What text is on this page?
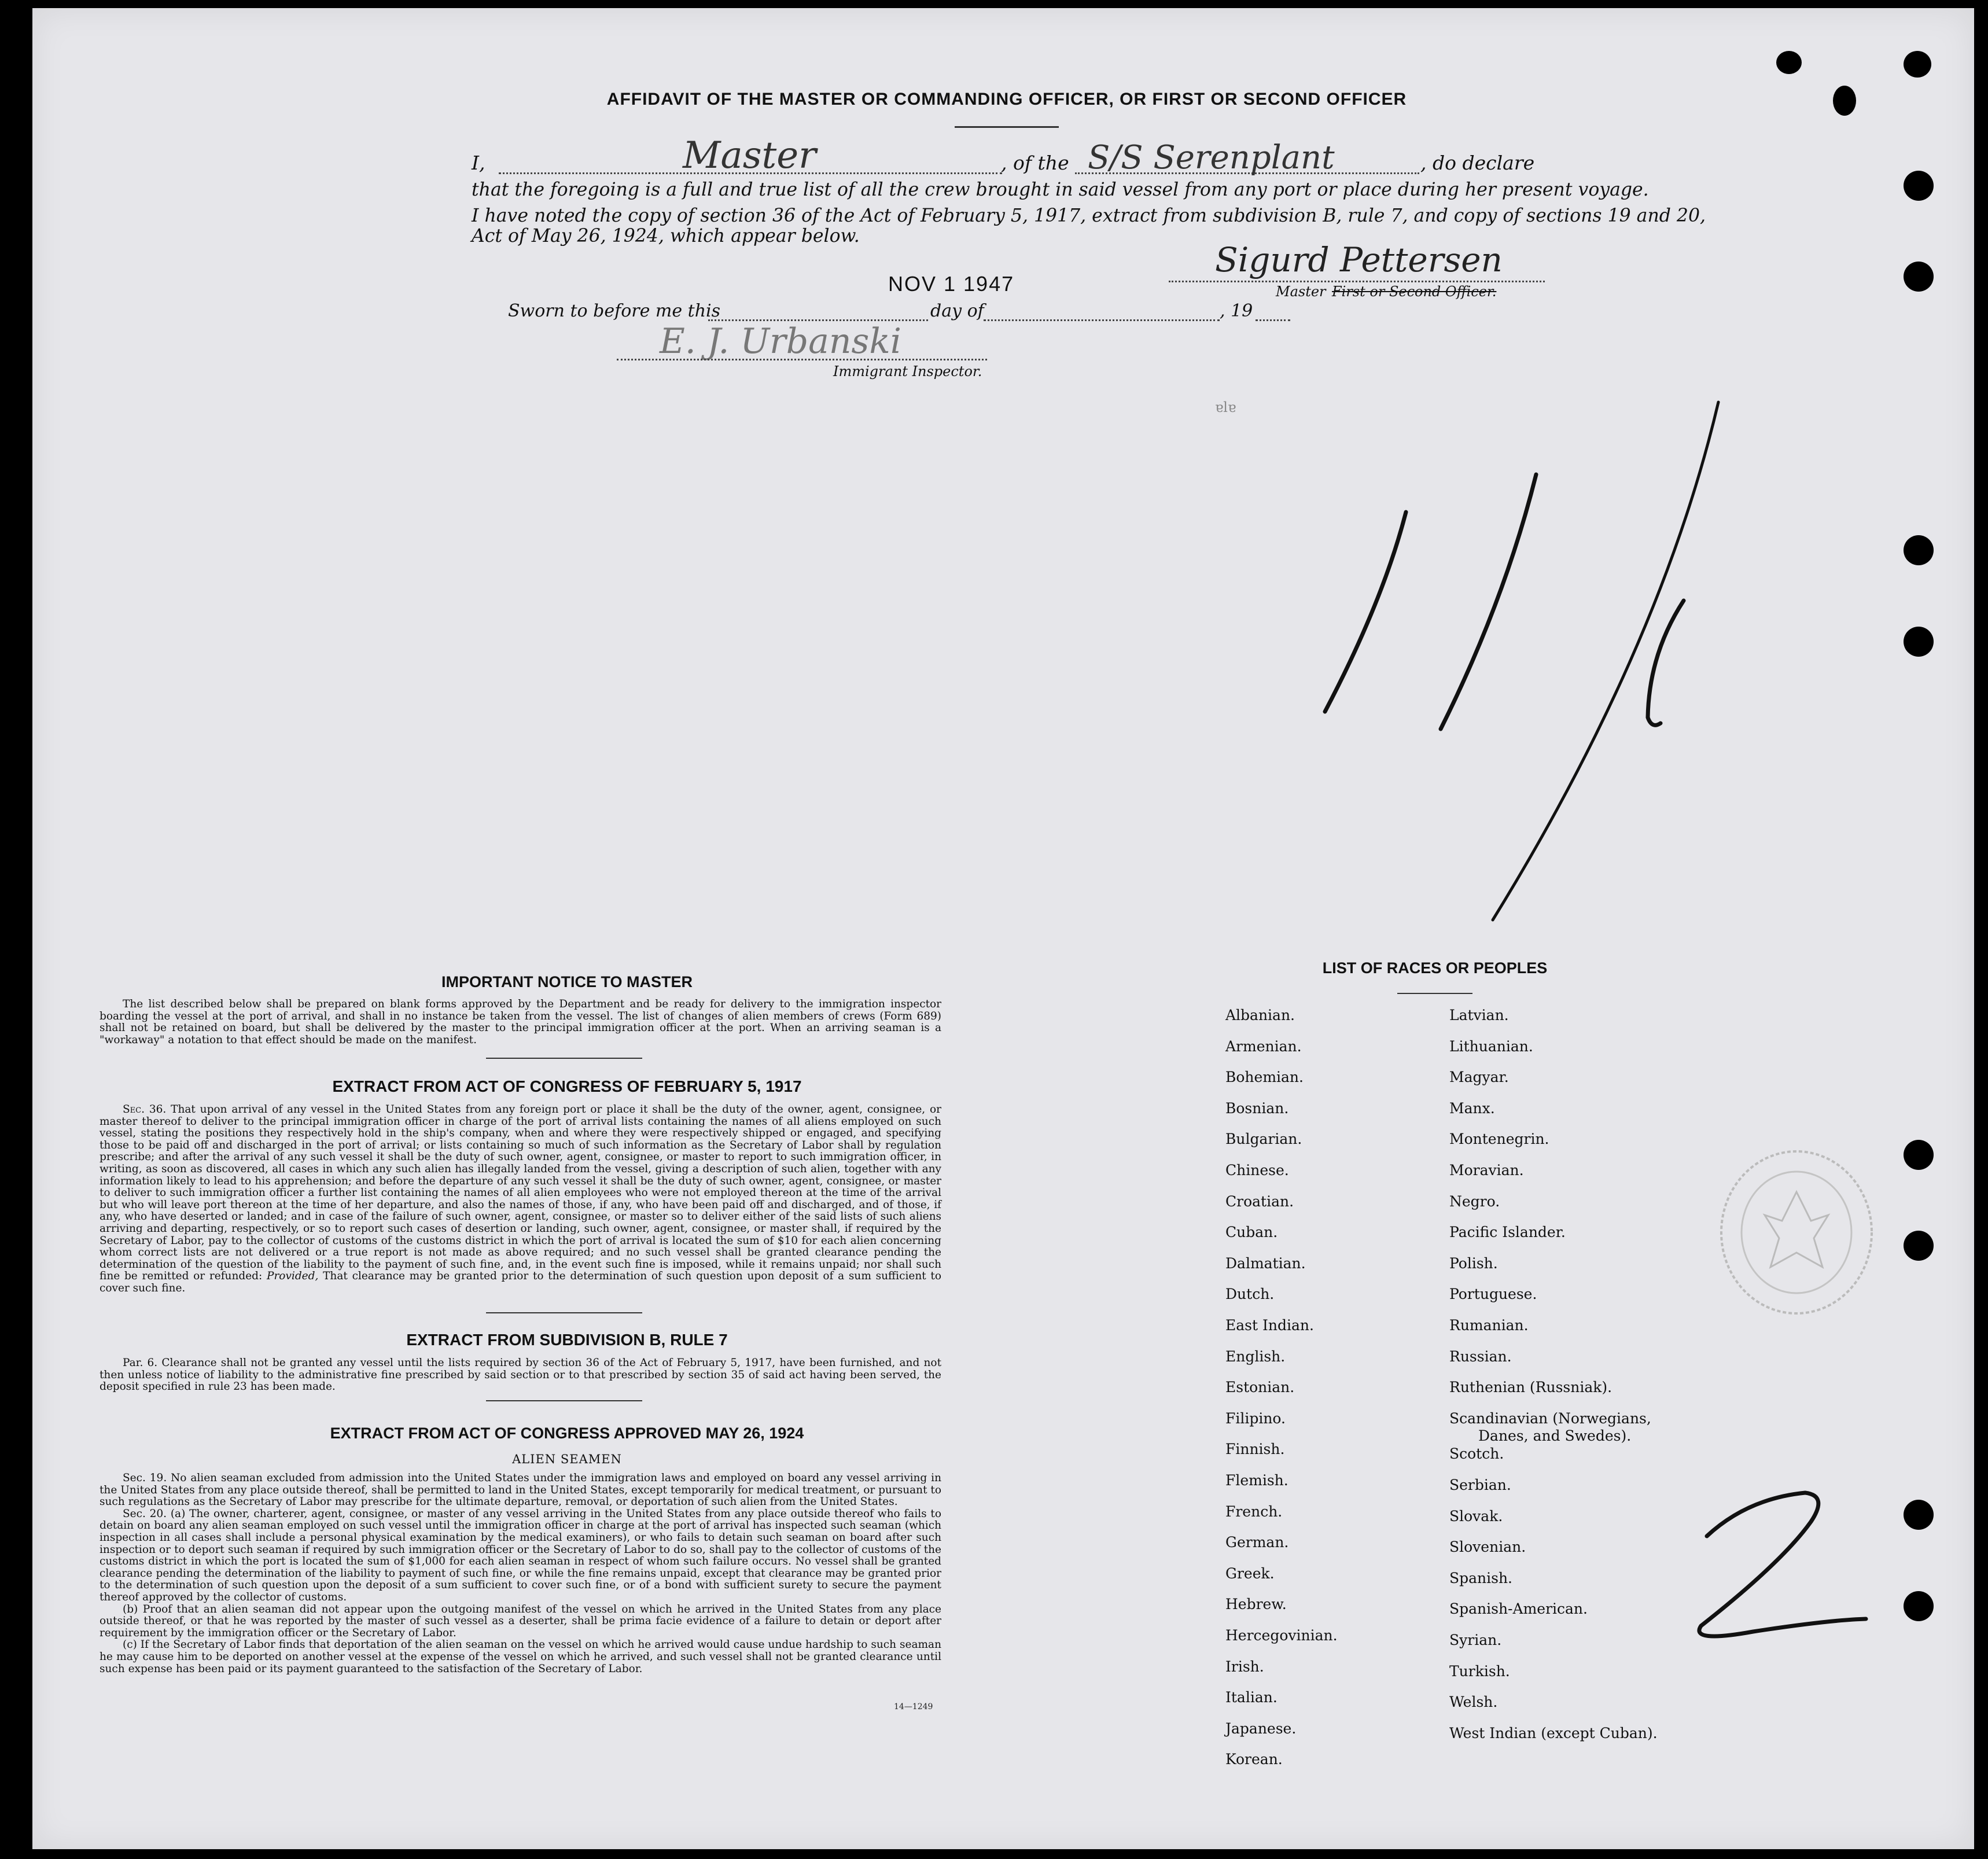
AFFIDAVIT OF THE MASTER OR COMMANDING OFFICER, OR FIRST OR SECOND OFFICER
I,	Master	, of the S/S Serenplant	, do declare
that the foregoing is a full and true list of all the crew brought in said vessel from any port or place during her present voyage.
I have noted the copy of section 36 of the Act of February 5, 1917, extract from subdivision B, rule 7, and copy of sections 19 and 20,
Act of May 26, 1924, which appear below.
Sigurd Pettersen
Master First or Second Officer.
NOV 1 1947
Sworn to before me this	day of	, 19
E. J. Urbanski
Immigrant Inspector.
ɐlɐ
IMPORTANT NOTICE TO MASTER

The list described below shall be prepared on blank forms approved by the Department and be ready for delivery to the immigration inspector boarding the vessel at the port of arrival, and shall in no instance be taken from the vessel. The list of changes of alien members of crews (Form 689) shall not be retained on board, but shall be delivered by the master to the principal immigration officer at the port. When an arriving seaman is a "workaway" a notation to that effect should be made on the manifest.

EXTRACT FROM ACT OF CONGRESS OF FEBRUARY 5, 1917

Sec. 36. That upon arrival of any vessel in the United States from any foreign port or place it shall be the duty of the owner, agent, consignee, or master thereof to deliver to the principal immigration officer in charge of the port of arrival lists containing the names of all aliens employed on such vessel, stating the positions they respectively hold in the ship's company, when and where they were respectively shipped or engaged, and specifying those to be paid off and discharged in the port of arrival; or lists containing so much of such information as the Secretary of Labor shall by regulation prescribe; and after the arrival of any such vessel it shall be the duty of such owner, agent, consignee, or master to report to such immigration officer, in writing, as soon as discovered, all cases in which any such alien has illegally landed from the vessel, giving a description of such alien, together with any information likely to lead to his apprehension; and before the departure of any such vessel it shall be the duty of such owner, agent, consignee, or master to deliver to such immigration officer a further list containing the names of all alien employees who were not employed thereon at the time of the arrival but who will leave port thereon at the time of her departure, and also the names of those, if any, who have been paid off and discharged, and of those, if any, who have deserted or landed; and in case of the failure of such owner, agent, consignee, or master so to deliver either of the said lists of such aliens arriving and departing, respectively, or so to report such cases of desertion or landing, such owner, agent, consignee, or master shall, if required by the Secretary of Labor, pay to the collector of customs of the customs district in which the port of arrival is located the sum of $10 for each alien concerning whom correct lists are not delivered or a true report is not made as above required; and no such vessel shall be granted clearance pending the determination of the question of the liability to the payment of such fine, and, in the event such fine is imposed, while it remains unpaid; nor shall such fine be remitted or refunded: Provided, That clearance may be granted prior to the determination of such question upon deposit of a sum sufficient to cover such fine.

EXTRACT FROM SUBDIVISION B, RULE 7

Par. 6. Clearance shall not be granted any vessel until the lists required by section 36 of the Act of February 5, 1917, have been furnished, and not then unless notice of liability to the administrative fine prescribed by said section or to that prescribed by section 35 of said act having been served, the deposit specified in rule 23 has been made.

EXTRACT FROM ACT OF CONGRESS APPROVED MAY 26, 1924
ALIEN SEAMEN

Sec. 19. No alien seaman excluded from admission into the United States under the immigration laws and employed on board any vessel arriving in the United States from any place outside thereof, shall be permitted to land in the United States, except temporarily for medical treatment, or pursuant to such regulations as the Secretary of Labor may prescribe for the ultimate departure, removal, or deportation of such alien from the United States.

Sec. 20. (a) The owner, charterer, agent, consignee, or master of any vessel arriving in the United States from any place outside thereof who fails to detain on board any alien seaman employed on such vessel until the immigration officer in charge at the port of arrival has inspected such seaman (which inspection in all cases shall include a personal physical examination by the medical examiners), or who fails to detain such seaman on board after such inspection or to deport such seaman if required by such immigration officer or the Secretary of Labor to do so, shall pay to the collector of customs of the customs district in which the port is located the sum of $1,000 for each alien seaman in respect of whom such failure occurs. No vessel shall be granted clearance pending the determination of the liability to payment of such fine, or while the fine remains unpaid, except that clearance may be granted prior to the determination of such question upon the deposit of a sum sufficient to cover such fine, or of a bond with sufficient surety to secure the payment thereof approved by the collector of customs.

(b) Proof that an alien seaman did not appear upon the outgoing manifest of the vessel on which he arrived in the United States from any place outside thereof, or that he was reported by the master of such vessel as a deserter, shall be prima facie evidence of a failure to detain or deport after requirement by the immigration officer or the Secretary of Labor.

(c) If the Secretary of Labor finds that deportation of the alien seaman on the vessel on which he arrived would cause undue hardship to such seaman he may cause him to be deported on another vessel at the expense of the vessel on which he arrived, and such vessel shall not be granted clearance until such expense has been paid or its payment guaranteed to the satisfaction of the Secretary of Labor.

14—1249
LIST OF RACES OR PEOPLES
Albanian.
Armenian.
Bohemian.
Bosnian.
Bulgarian.
Chinese.
Croatian.
Cuban.
Dalmatian.
Dutch.
East Indian.
English.
Estonian.
Filipino.
Finnish.
Flemish.
French.
German.
Greek.
Hebrew.
Hercegovinian.
Irish.
Italian.
Japanese.
Korean.
Latvian.
Lithuanian.
Magyar.
Manx.
Montenegrin.
Moravian.
Negro.
Pacific Islander.
Polish.
Portuguese.
Rumanian.
Russian.
Ruthenian (Russniak).
Scandinavian (Norwegians,
Danes, and Swedes).
Scotch.
Serbian.
Slovak.
Slovenian.
Spanish.
Spanish-American.
Syrian.
Turkish.
Welsh.
West Indian (except Cuban).
